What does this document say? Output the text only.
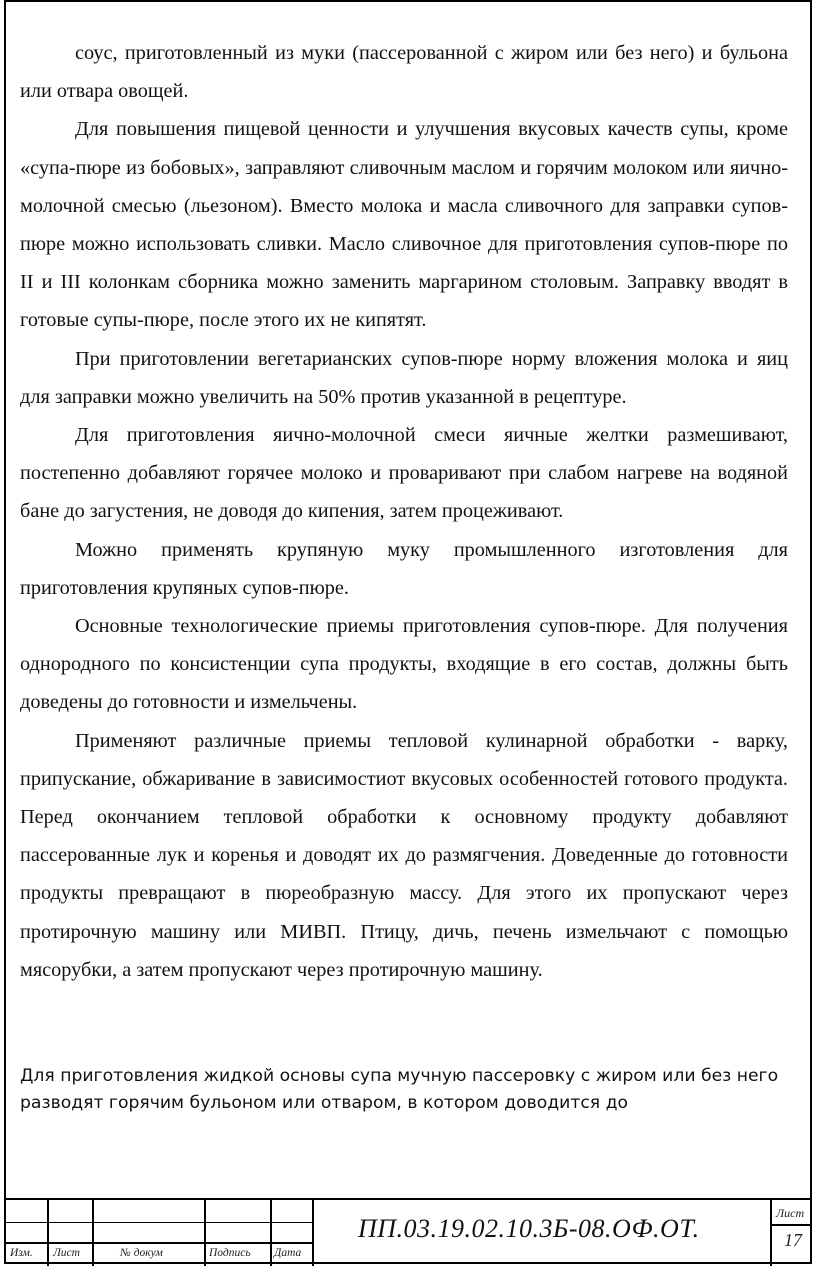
соус, приготовленный из муки (пассерованной с жиром или без него) и бульона или отвара овощей.

Для повышения пищевой ценности и улучшения вкусовых качеств супы, кроме «супа-пюре из бобовых», заправляют сливочным маслом и горячим молоком или яично-молочной смесью (льезоном). Вместо молока и масла сливочного для заправки супов-пюре можно использовать сливки. Масло сливочное для приготовления супов-пюре по II и III колонкам сборника можно заменить маргарином столовым. Заправку вводят в готовые супы-пюре, после этого их не кипятят.

При приготовлении вегетарианских супов-пюре норму вложения молока и яиц для заправки можно увеличить на 50% против указанной в рецептуре.

Для приготовления яично-молочной смеси яичные желтки размешивают, постепенно добавляют горячее молоко и проваривают при слабом нагреве на водяной бане до загустения, не доводя до кипения, затем процеживают.

Можно применять крупяную муку промышленного изготовления для приготовления крупяных супов-пюре.

Основные технологические приемы приготовления супов-пюре. Для получения однородного по консистенции супа продукты, входящие в его состав, должны быть доведены до готовности и измельчены.

Применяют различные приемы тепловой кулинарной обработки - варку, припускание, обжаривание в зависимостиот вкусовых особенностей готового продукта. Перед окончанием тепловой обработки к основному продукту добавляют пассерованные лук и коренья и доводят их до размягчения. Доведенные до готовности продукты превращают в пюреобразную массу. Для этого их пропускают через протирочную машину или МИВП. Птицу, дичь, печень измельчают с помощью мясорубки, а затем пропускают через протирочную машину.

Для приготовления жидкой основы супа мучную пассеровку с жиром или без него разводят горячим бульоном или отваром, в котором доводится до

Изм. Лист	№ докум	Подпись Дата
ПП.03.19.02.10.3Б-08.ОФ.ОТ.
Лист
17
